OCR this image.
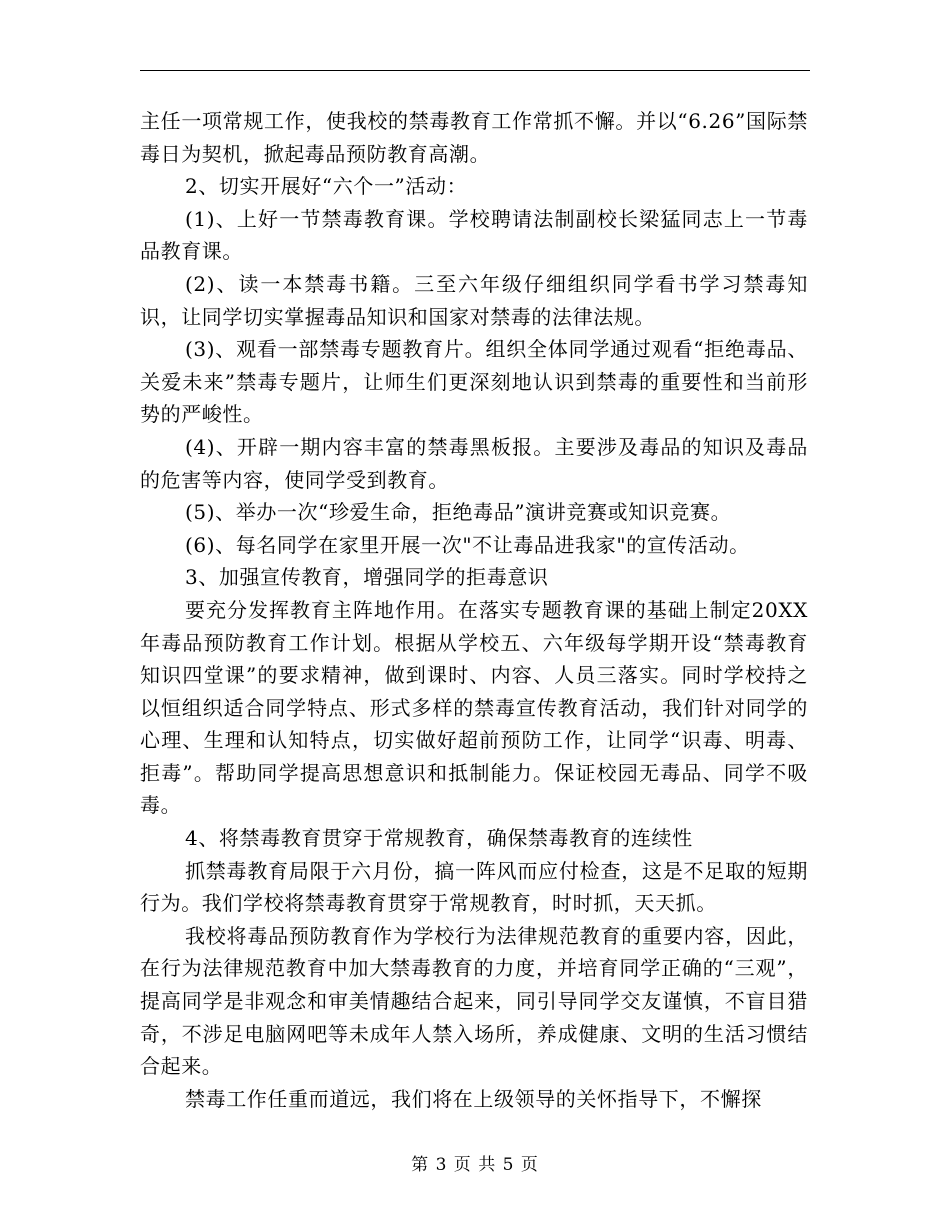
主任一项常规工作，使我校的禁毒教育工作常抓不懈。并以“6.26”国际禁毒日为契机，掀起毒品预防教育高潮。

2、切实开展好“六个一”活动：

(1)、上好一节禁毒教育课。学校聘请法制副校长梁猛同志上一节毒品教育课。

(2)、读一本禁毒书籍。三至六年级仔细组织同学看书学习禁毒知识，让同学切实掌握毒品知识和国家对禁毒的法律法规。

(3)、观看一部禁毒专题教育片。组织全体同学通过观看“拒绝毒品、关爱未来”禁毒专题片，让师生们更深刻地认识到禁毒的重要性和当前形势的严峻性。

(4)、开辟一期内容丰富的禁毒黑板报。主要涉及毒品的知识及毒品的危害等内容，使同学受到教育。

(5)、举办一次“珍爱生命，拒绝毒品”演讲竞赛或知识竞赛。

(6)、每名同学在家里开展一次"不让毒品进我家"的宣传活动。

3、加强宣传教育，增强同学的拒毒意识

要充分发挥教育主阵地作用。在落实专题教育课的基础上制定20XX年毒品预防教育工作计划。根据从学校五、六年级每学期开设“禁毒教育知识四堂课”的要求精神，做到课时、内容、人员三落实。同时学校持之以恒组织适合同学特点、形式多样的禁毒宣传教育活动，我们针对同学的心理、生理和认知特点，切实做好超前预防工作，让同学“识毒、明毒、拒毒”。帮助同学提高思想意识和抵制能力。保证校园无毒品、同学不吸毒。

4、将禁毒教育贯穿于常规教育，确保禁毒教育的连续性

抓禁毒教育局限于六月份，搞一阵风而应付检查，这是不足取的短期行为。我们学校将禁毒教育贯穿于常规教育，时时抓，天天抓。

我校将毒品预防教育作为学校行为法律规范教育的重要内容，因此，在行为法律规范教育中加大禁毒教育的力度，并培育同学正确的“三观”，提高同学是非观念和审美情趣结合起来，同引导同学交友谨慎，不盲目猎奇，不涉足电脑网吧等未成年人禁入场所，养成健康、文明的生活习惯结合起来。

禁毒工作任重而道远，我们将在上级领导的关怀指导下，不懈探

第 3 页 共 5 页
